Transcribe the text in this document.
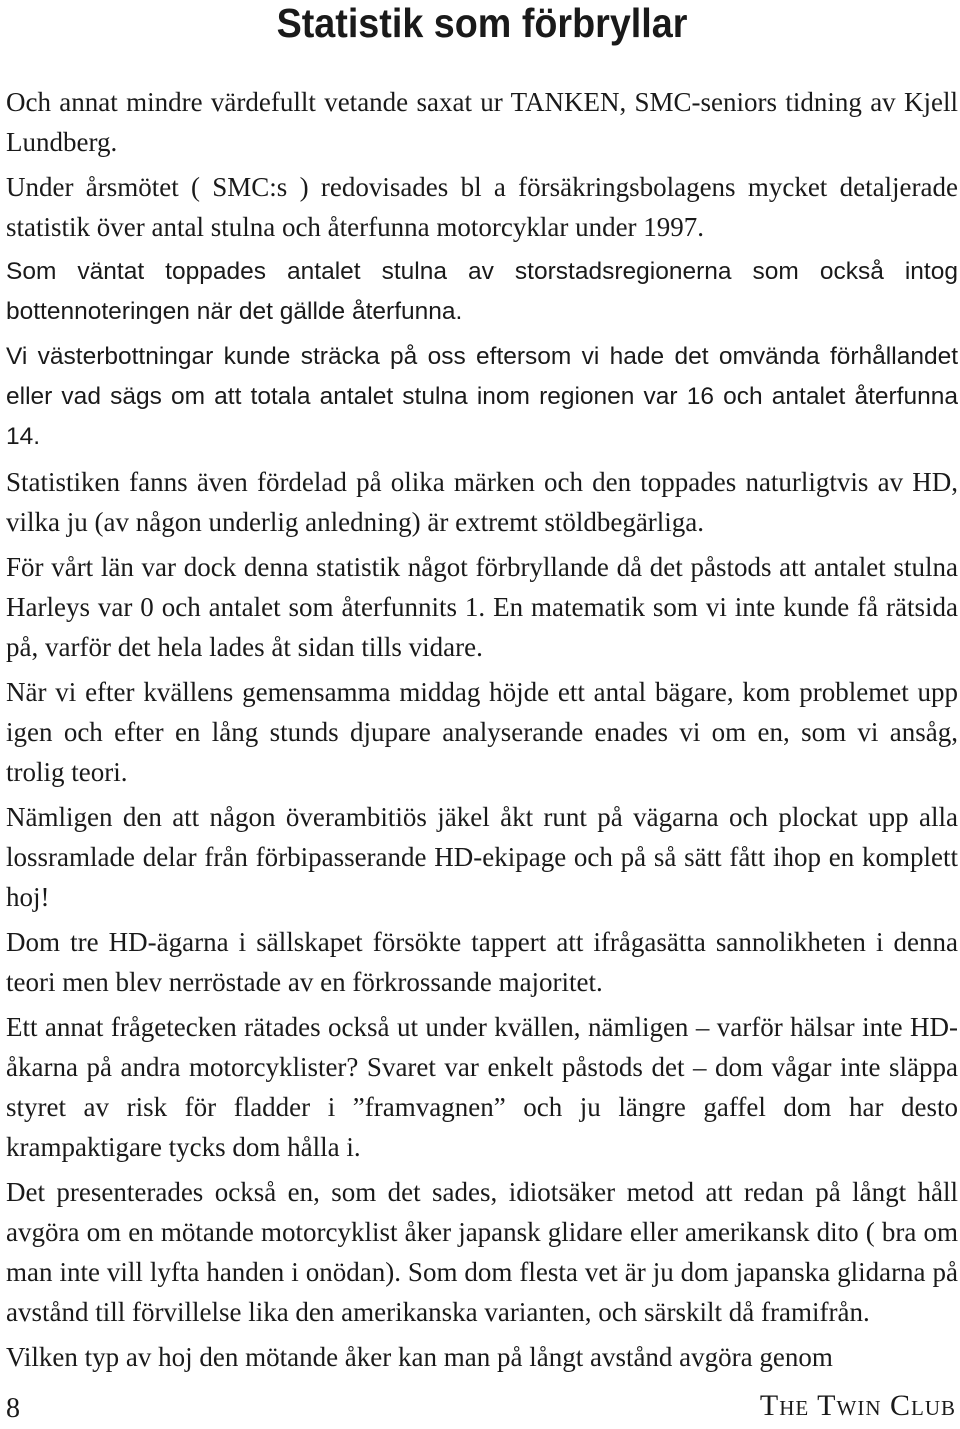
Statistik som förbryllar

Och annat mindre värdefullt vetande saxat ur TANKEN, SMC-seniors tidning av Kjell Lundberg.

Under årsmötet ( SMC:s ) redovisades bl a försäkringsbolagens mycket detaljerade statistik över antal stulna och återfunna motorcyklar under 1997.

Som väntat toppades antalet stulna av storstadsregionerna som också intog bottennoteringen när det gällde återfunna.

Vi västerbottningar kunde sträcka på oss eftersom vi hade det omvända förhållandet eller vad sägs om att totala antalet stulna inom regionen var 16 och antalet återfunna 14.

Statistiken fanns även fördelad på olika märken och den toppades naturligtvis av HD, vilka ju (av någon underlig anledning) är extremt stöldbegärliga.

För vårt län var dock denna statistik något förbryllande då det påstods att antalet stulna Harleys var 0 och antalet som återfunnits 1. En matematik som vi inte kunde få rätsida på, varför det hela lades åt sidan tills vidare.

När vi efter kvällens gemensamma middag höjde ett antal bägare, kom problemet upp igen och efter en lång stunds djupare analyserande enades vi om en, som vi ansåg, trolig teori.

Nämligen den att någon överambitiös jäkel åkt runt på vägarna och plockat upp alla lossramlade delar från förbipasserande HD-ekipage och på så sätt fått ihop en komplett hoj!

Dom tre HD-ägarna i sällskapet försökte tappert att ifrågasätta sannolikheten i denna teori men blev nerröstade av en förkrossande majoritet.

Ett annat frågetecken rätades också ut under kvällen, nämligen – varför hälsar inte HD-åkarna på andra motorcyklister? Svaret var enkelt påstods det – dom vågar inte släppa styret av risk för fladder i ”framvagnen” och ju längre gaffel dom har desto krampaktigare tycks dom hålla i.

Det presenterades också en, som det sades, idiotsäker metod att redan på långt håll avgöra om en mötande motorcyklist åker japansk glidare eller amerikansk dito ( bra om man inte vill lyfta handen i onödan). Som dom flesta vet är ju dom japanska glidarna på avstånd till förvillelse lika den amerikanska varianten, och särskilt då framifrån.

Vilken typ av hoj den mötande åker kan man på långt avstånd avgöra genom

8	The Twin Club
